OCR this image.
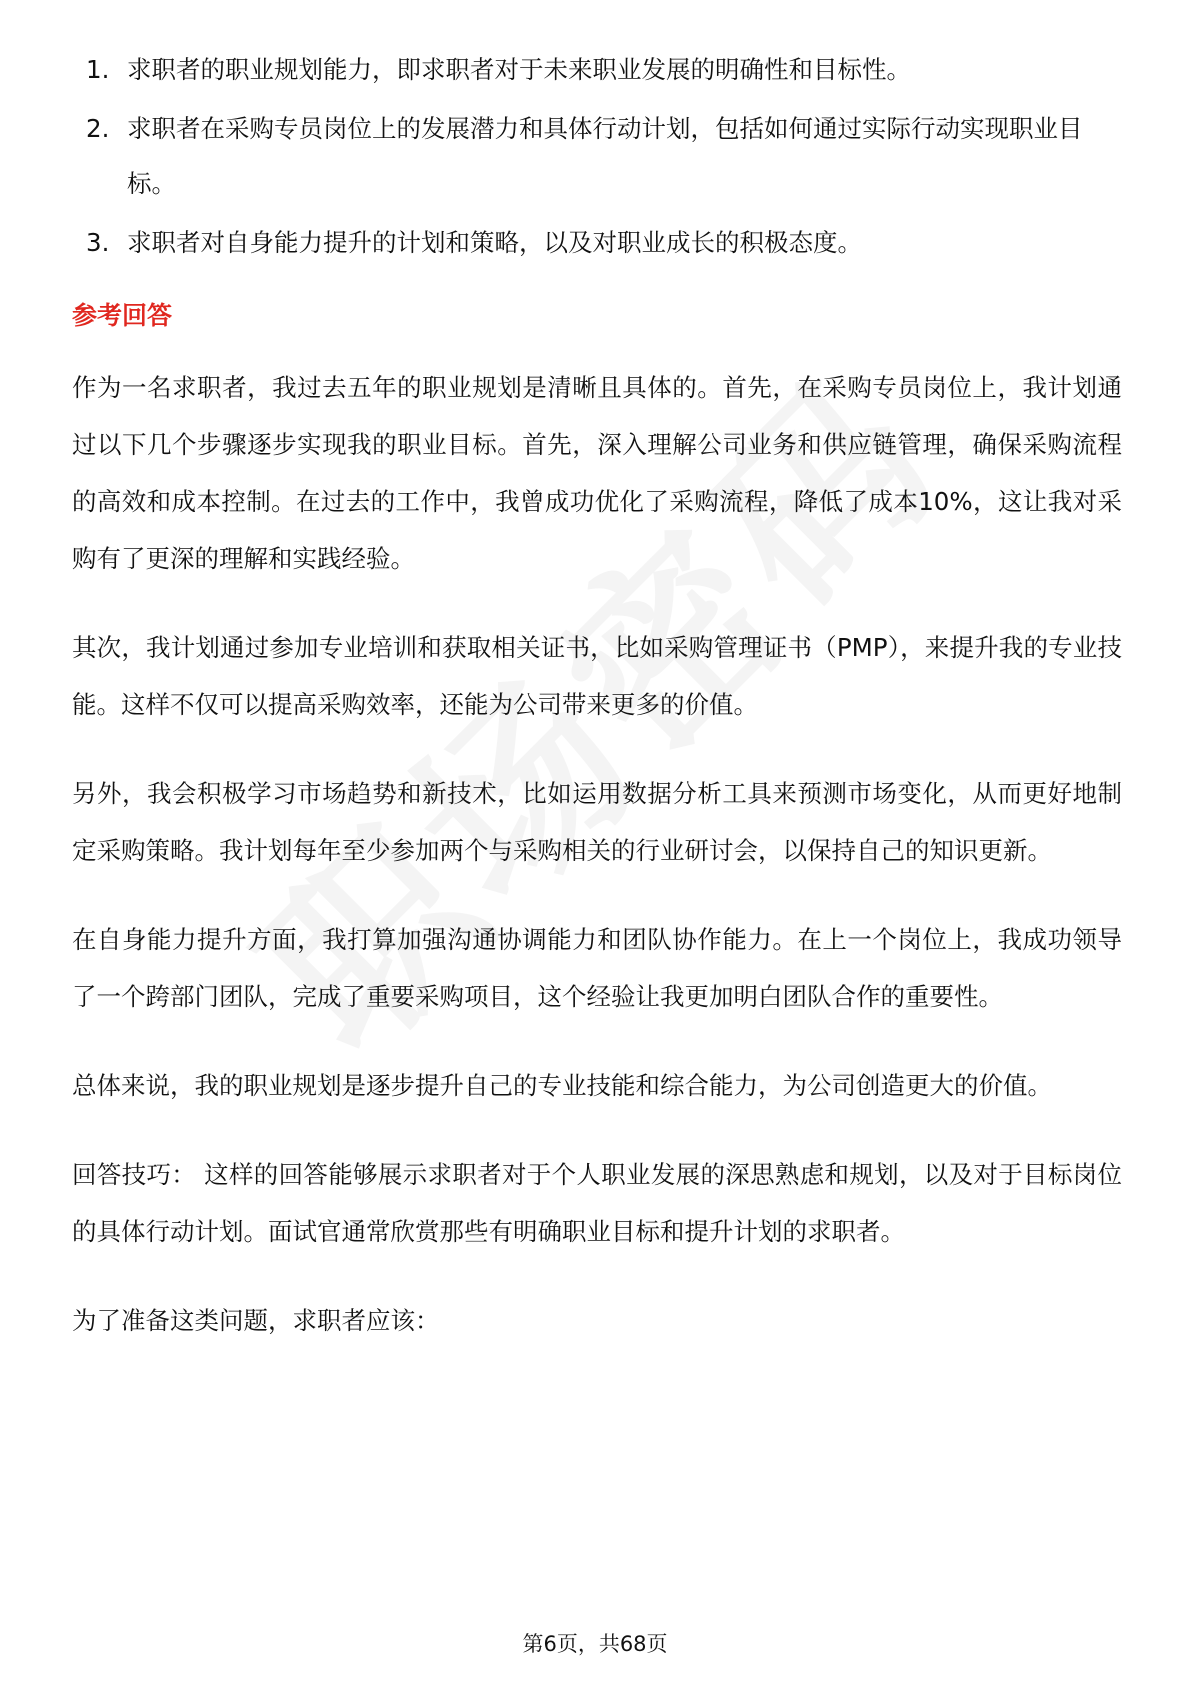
1. 求职者的职业规划能力，即求职者对于未来职业发展的明确性和目标性。
2. 求职者在采购专员岗位上的发展潜力和具体行动计划，包括如何通过实际行动实现职业目标。
3. 求职者对自身能力提升的计划和策略，以及对职业成长的积极态度。
参考回答

作为一名求职者，我过去五年的职业规划是清晰且具体的。首先，在采购专员岗位上，我计划通过以下几个步骤逐步实现我的职业目标。首先，深入理解公司业务和供应链管理，确保采购流程的高效和成本控制。在过去的工作中，我曾成功优化了采购流程，降低了成本10%，这让我对采购有了更深的理解和实践经验。

其次，我计划通过参加专业培训和获取相关证书，比如采购管理证书（PMP），来提升我的专业技能。这样不仅可以提高采购效率，还能为公司带来更多的价值。

另外，我会积极学习市场趋势和新技术，比如运用数据分析工具来预测市场变化，从而更好地制定采购策略。我计划每年至少参加两个与采购相关的行业研讨会，以保持自己的知识更新。

在自身能力提升方面，我打算加强沟通协调能力和团队协作能力。在上一个岗位上，我成功领导了一个跨部门团队，完成了重要采购项目，这个经验让我更加明白团队合作的重要性。

总体来说，我的职业规划是逐步提升自己的专业技能和综合能力，为公司创造更大的价值。

回答技巧： 这样的回答能够展示求职者对于个人职业发展的深思熟虑和规划，以及对于目标岗位的具体行动计划。面试官通常欣赏那些有明确职业目标和提升计划的求职者。

为了准备这类问题，求职者应该：

第6页，共68页
